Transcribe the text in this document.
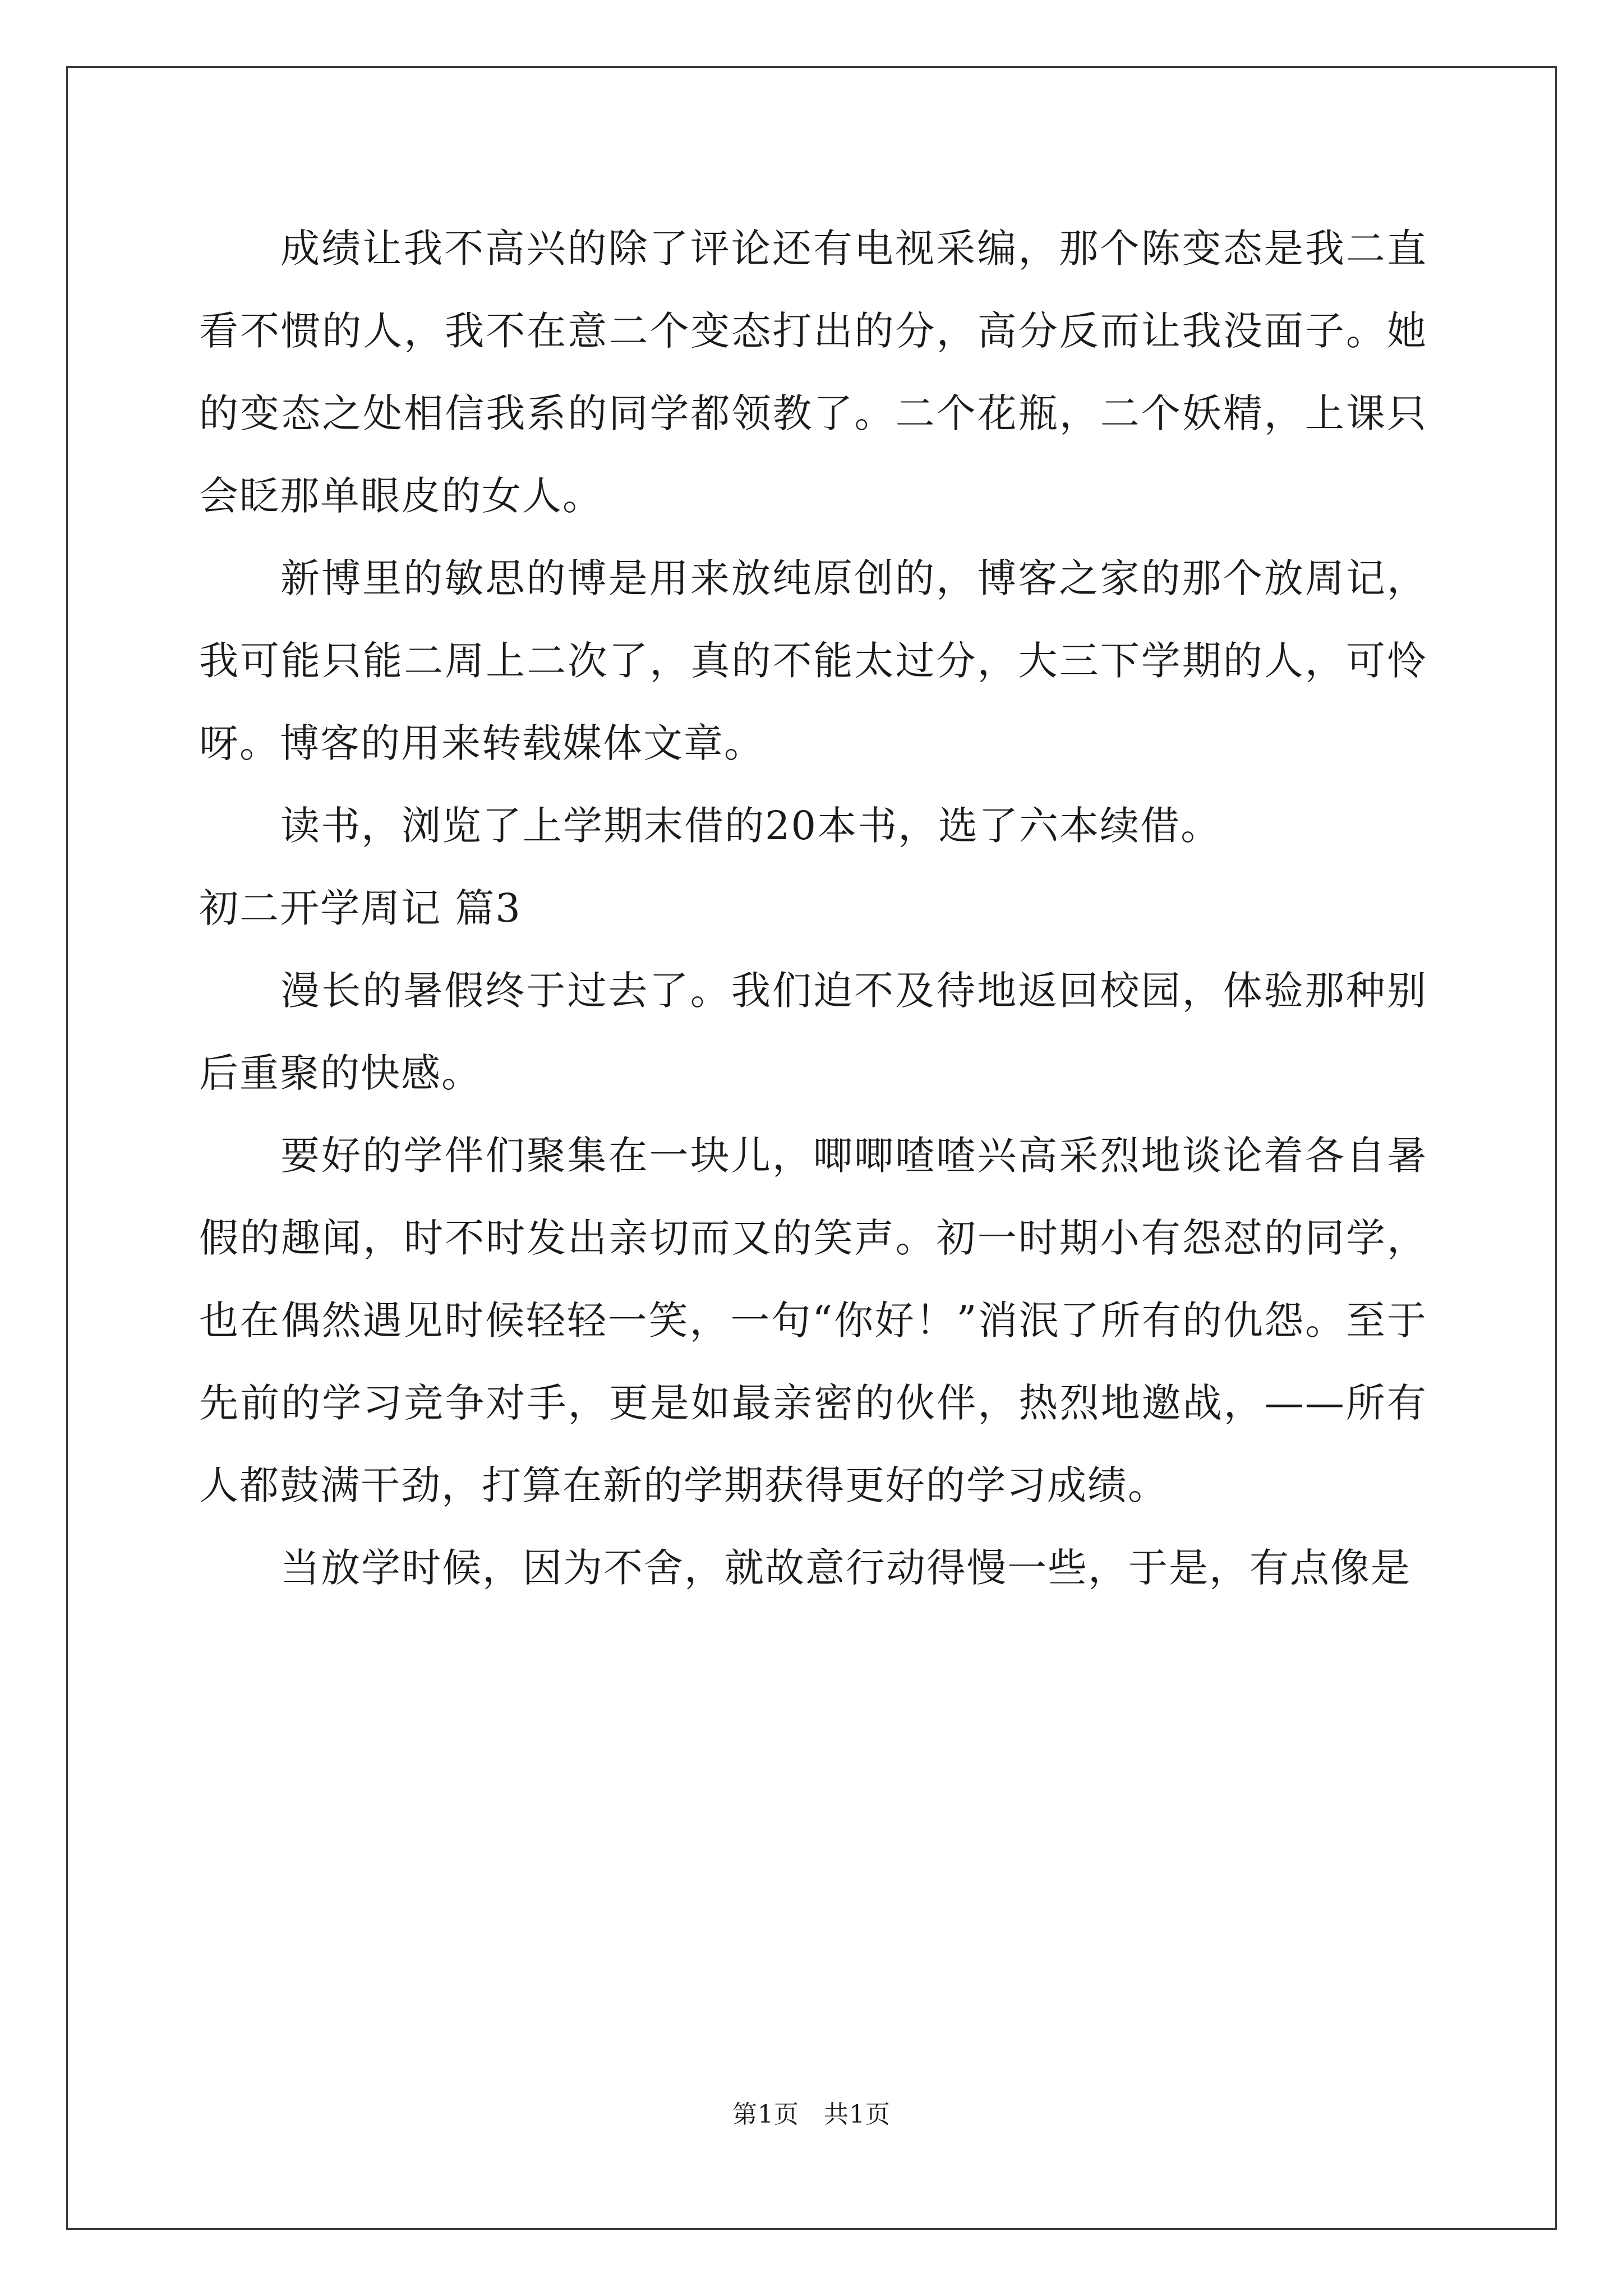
成绩让我不高兴的除了评论还有电视采编，那个陈变态是我二直看不惯的人，我不在意二个变态打出的分，高分反而让我没面子。她的变态之处相信我系的同学都领教了。二个花瓶，二个妖精，上课只会眨那单眼皮的女人。

新博里的敏思的博是用来放纯原创的，博客之家的那个放周记，我可能只能二周上二次了，真的不能太过分，大三下学期的人，可怜呀。博客的用来转载媒体文章。

读书，浏览了上学期末借的20本书，选了六本续借。

初二开学周记 篇3

漫长的暑假终于过去了。我们迫不及待地返回校园，体验那种别后重聚的快感。

要好的学伴们聚集在一块儿，唧唧喳喳兴高采烈地谈论着各自暑假的趣闻，时不时发出亲切而又的笑声。初一时期小有怨怼的同学，也在偶然遇见时候轻轻一笑，一句“你好！”消泯了所有的仇怨。至于先前的学习竞争对手，更是如最亲密的伙伴，热烈地邀战，——所有人都鼓满干劲，打算在新的学期获得更好的学习成绩。

当放学时候，因为不舍，就故意行动得慢一些，于是，有点像是

第1页 共1页
